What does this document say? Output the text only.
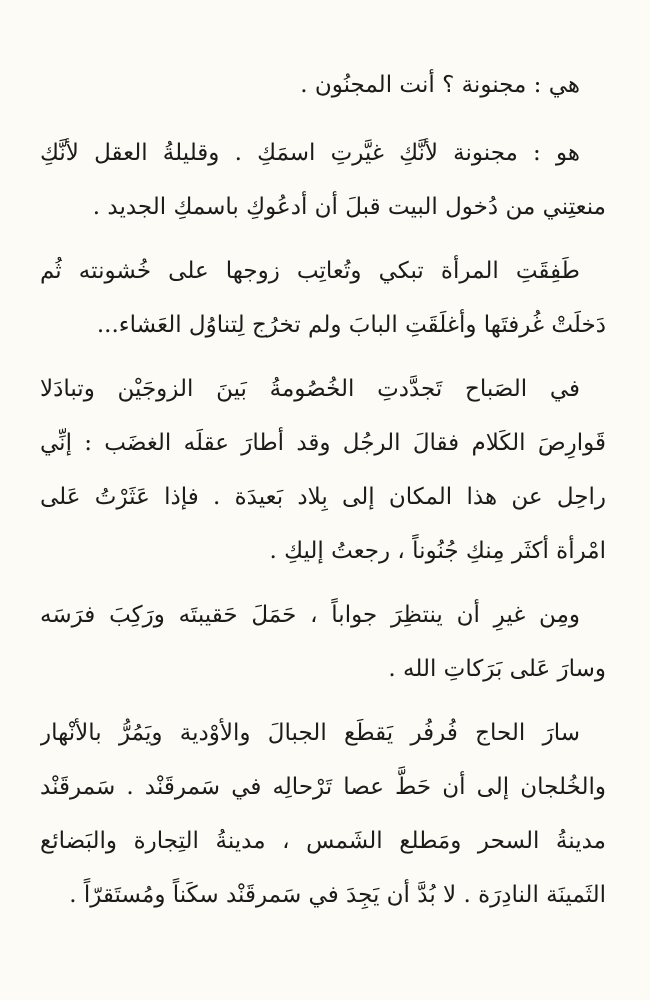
هي : مجنونة ؟ أنت المجنُون .
هو : مجنونة لأنَّكِ غيَّرتِ اسمَكِ . وقليلةُ العقل لأنَّكِ
منعتِني من دُخول البيت قبلَ أن أدعُوكِ باسمكِ الجديد .
طَفِقَتِ المرأة تبكي وتُعاتِب زوجها على خُشونته ثُم
دَخلَتْ غُرفتَها وأغلَقَتِ البابَ ولم تخرُج لِتناوُل العَشاء...
في الصَباح تَجدَّدتِ الخُصُومةُ بَينَ الزوجَيْن وتبادَلا
قَوارِصَ الكَلام فقالَ الرجُل وقد أطارَ عقلَه الغضَب : إنِّي
راحِل عن هذا المكان إلى بِلاد بَعيدَة . فإذا عَثَرْتُ عَلى
امْرأة أكثَر مِنكِ جُنُوناً ، رجعتُ إليكِ .
ومِن غيرِ أن ينتظِرَ جواباً ، حَمَلَ حَقيبتَه ورَكِبَ فرَسَه
وسارَ عَلى بَرَكاتِ الله .
سارَ الحاج فُرفُر يَقطَع الجبالَ والأوْدية ويَمُرُّ بالأنْهار
والخُلجان إلى أن حَطَّ عصا تَرْحالِه في سَمرقَنْد . سَمرقَنْد
مدينةُ السحر ومَطلع الشَمس ، مدينةُ التِجارة والبَضائع
الثَمينَة النادِرَة . لا بُدَّ أن يَجِدَ في سَمرقَنْد سكَناً ومُستَقرّاً .
